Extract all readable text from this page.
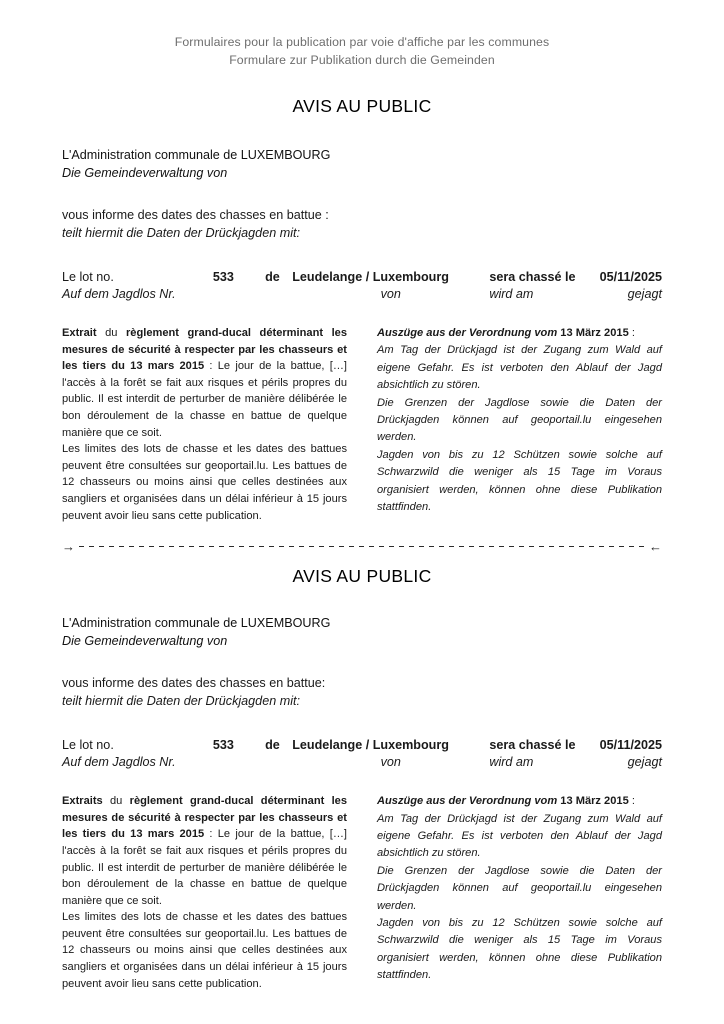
Formulaires pour la publication par voie d'affiche par les communes
Formulare zur Publikation durch die Gemeinden
AVIS AU PUBLIC
L'Administration communale de LUXEMBOURG
Die Gemeindeverwaltung von
vous informe des dates des chasses en battue :
teilt hiermit die Daten der Drückjagden mit:
Le lot no.	533	de	Leudelange / Luxembourg	sera chassé le	05/11/2025
Auf dem Jagdlos Nr.			von	wird am	gejagt

Extrait du règlement grand-ducal déterminant les mesures de sécurité à respecter par les chasseurs et les tiers du 13 mars 2015 : Le jour de la battue, […] l'accès à la forêt se fait aux risques et périls propres du public. Il est interdit de perturber de manière délibérée le bon déroulement de la chasse en battue de quelque manière que ce soit.

Les limites des lots de chasse et les dates des battues peuvent être consultées sur geoportail.lu. Les battues de 12 chasseurs ou moins ainsi que celles destinées aux sangliers et organisées dans un délai inférieur à 15 jours peuvent avoir lieu sans cette publication.

Auszüge aus der Verordnung vom 13 März 2015 :

Am Tag der Drückjagd ist der Zugang zum Wald auf eigene Gefahr. Es ist verboten den Ablauf der Jagd absichtlich zu stören.

Die Grenzen der Jagdlose sowie die Daten der Drückjagden können auf geoportail.lu eingesehen werden.

Jagden von bis zu 12 Schützen sowie solche auf Schwarzwild die weniger als 15 Tage im Voraus organisiert werden, können ohne diese Publikation stattfinden.

→	←
AVIS AU PUBLIC
L'Administration communale de LUXEMBOURG
Die Gemeindeverwaltung von
vous informe des dates des chasses en battue:
teilt hiermit die Daten der Drückjagden mit:
Le lot no.	533	de	Leudelange / Luxembourg	sera chassé le	05/11/2025
Auf dem Jagdlos Nr.			von	wird am	gejagt

Extraits du règlement grand-ducal déterminant les mesures de sécurité à respecter par les chasseurs et les tiers du 13 mars 2015 : Le jour de la battue, […] l'accès à la forêt se fait aux risques et périls propres du public. Il est interdit de perturber de manière délibérée le bon déroulement de la chasse en battue de quelque manière que ce soit.

Les limites des lots de chasse et les dates des battues peuvent être consultées sur geoportail.lu. Les battues de 12 chasseurs ou moins ainsi que celles destinées aux sangliers et organisées dans un délai inférieur à 15 jours peuvent avoir lieu sans cette publication.

Auszüge aus der Verordnung vom 13 März 2015 :

Am Tag der Drückjagd ist der Zugang zum Wald auf eigene Gefahr. Es ist verboten den Ablauf der Jagd absichtlich zu stören.

Die Grenzen der Jagdlose sowie die Daten der Drückjagden können auf geoportail.lu eingesehen werden.

Jagden von bis zu 12 Schützen sowie solche auf Schwarzwild die weniger als 15 Tage im Voraus organisiert werden, können ohne diese Publikation stattfinden.
